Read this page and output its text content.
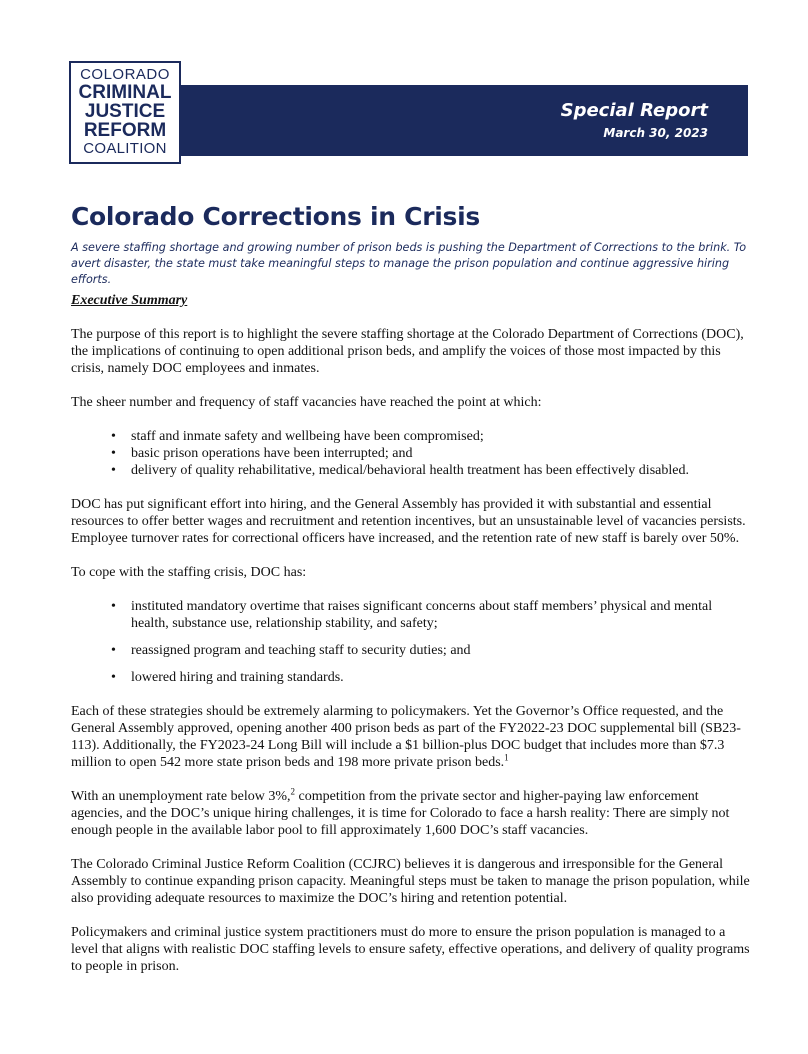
Special Report
March 30, 2023
COLORADO
CRIMINAL
JUSTICE
REFORM
COALITION
Colorado Corrections in Crisis
A severe staffing shortage and growing number of prison beds is pushing the Department of Corrections to the brink. To avert disaster, the state must take meaningful steps to manage the prison population and continue aggressive hiring efforts.
Executive Summary

The purpose of this report is to highlight the severe staffing shortage at the Colorado Department of Corrections (DOC), the implications of continuing to open additional prison beds, and amplify the voices of those most impacted by this crisis, namely DOC employees and inmates.

The sheer number and frequency of staff vacancies have reached the point at which:

• staff and inmate safety and wellbeing have been compromised;
• basic prison operations have been interrupted; and
• delivery of quality rehabilitative, medical/behavioral health treatment has been effectively disabled.

DOC has put significant effort into hiring, and the General Assembly has provided it with substantial and essential resources to offer better wages and recruitment and retention incentives, but an unsustainable level of vacancies persists. Employee turnover rates for correctional officers have increased, and the retention rate of new staff is barely over 50%.

To cope with the staffing crisis, DOC has:

• instituted mandatory overtime that raises significant concerns about staff members’ physical and mental health, substance use, relationship stability, and safety;
• reassigned program and teaching staff to security duties; and
• lowered hiring and training standards.

Each of these strategies should be extremely alarming to policymakers. Yet the Governor’s Office requested, and the General Assembly approved, opening another 400 prison beds as part of the FY2022-23 DOC supplemental bill (SB23-113). Additionally, the FY2023-24 Long Bill will include a $1 billion-plus DOC budget that includes more than $7.3 million to open 542 more state prison beds and 198 more private prison beds.$^1$

With an unemployment rate below 3%,$^2$ competition from the private sector and higher-paying law enforcement agencies, and the DOC’s unique hiring challenges, it is time for Colorado to face a harsh reality: There are simply not enough people in the available labor pool to fill approximately 1,600 DOC’s staff vacancies.

The Colorado Criminal Justice Reform Coalition (CCJRC) believes it is dangerous and irresponsible for the General Assembly to continue expanding prison capacity. Meaningful steps must be taken to manage the prison population, while also providing adequate resources to maximize the DOC’s hiring and retention potential.

Policymakers and criminal justice system practitioners must do more to ensure the prison population is managed to a level that aligns with realistic DOC staffing levels to ensure safety, effective operations, and delivery of quality programs to people in prison.
